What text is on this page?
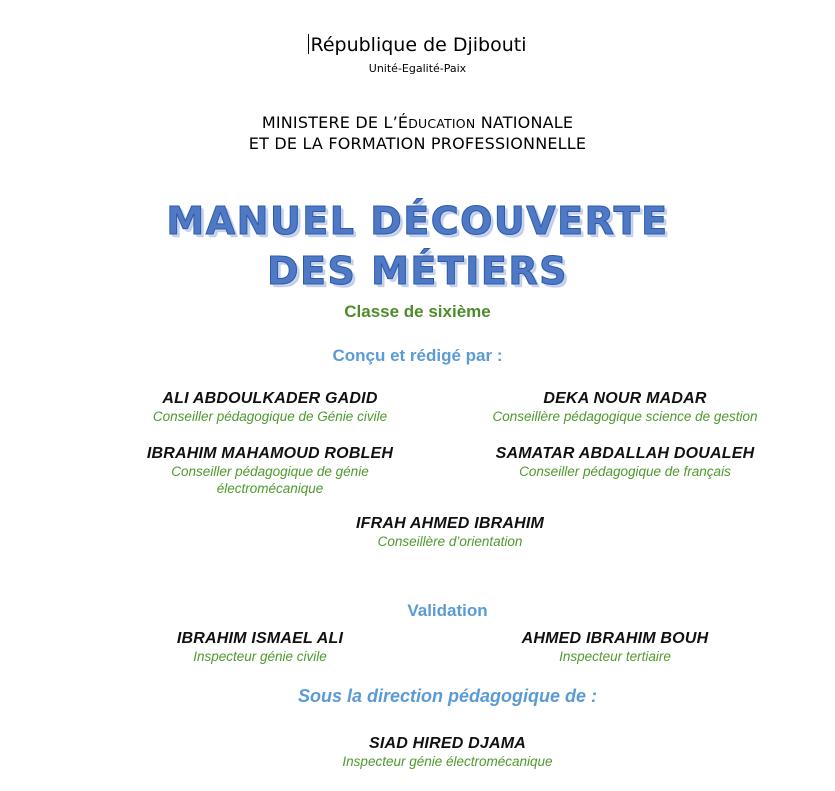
République de Djibouti
Unité-Egalité-Paix
MINISTERE DE L’ÉDUCATION NATIONALE
ET DE LA FORMATION PROFESSIONNELLE
MANUEL DÉCOUVERTE
DES MÉTIERS
Classe de sixième
Conçu et rédigé par :
ALI ABDOULKADER GADID
Conseiller pédagogique de Génie civile
DEKA NOUR MADAR
Conseillère pédagogique science de gestion
IBRAHIM MAHAMOUD ROBLEH
Conseiller pédagogique de génie
électromécanique
SAMATAR ABDALLAH DOUALEH
Conseiller pédagogique de français
IFRAH AHMED IBRAHIM
Conseillère d’orientation
Validation
IBRAHIM ISMAEL ALI
Inspecteur génie civile
AHMED IBRAHIM BOUH
Inspecteur tertiaire
Sous la direction pédagogique de :
SIAD HIRED DJAMA
Inspecteur génie électromécanique
